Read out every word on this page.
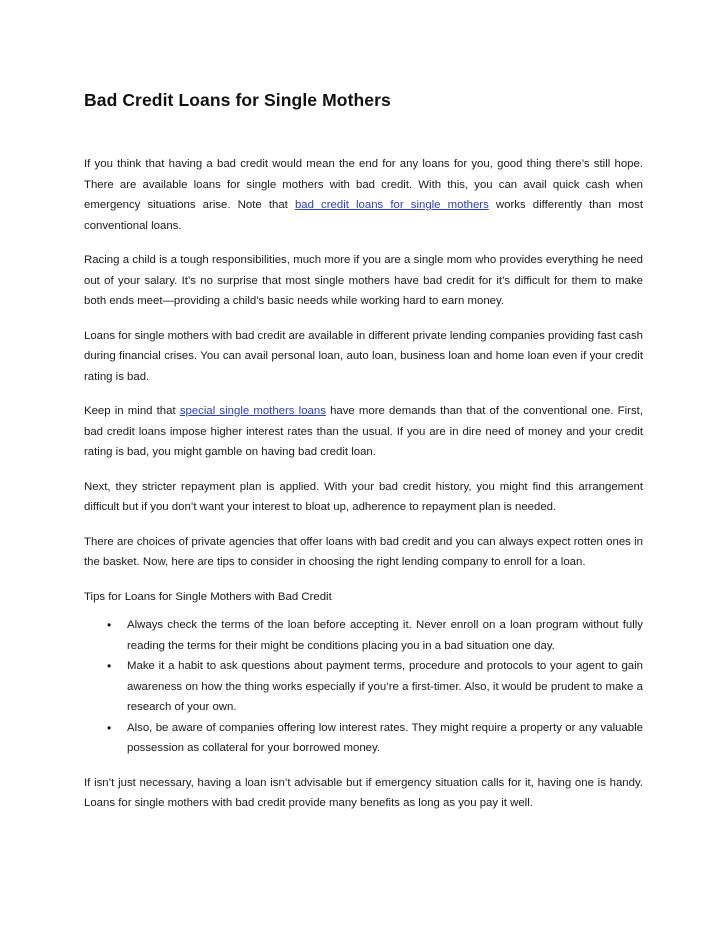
Bad Credit Loans for Single Mothers

If you think that having a bad credit would mean the end for any loans for you, good thing there’s still hope. There are available loans for single mothers with bad credit. With this, you can avail quick cash when emergency situations arise. Note that bad credit loans for single mothers works differently than most conventional loans.

Racing a child is a tough responsibilities, much more if you are a single mom who provides everything he need out of your salary. It’s no surprise that most single mothers have bad credit for it’s difficult for them to make both ends meet—providing a child’s basic needs while working hard to earn money.

Loans for single mothers with bad credit are available in different private lending companies providing fast cash during financial crises. You can avail personal loan, auto loan, business loan and home loan even if your credit rating is bad.

Keep in mind that special single mothers loans have more demands than that of the conventional one. First, bad credit loans impose higher interest rates than the usual. If you are in dire need of money and your credit rating is bad, you might gamble on having bad credit loan.

Next, they stricter repayment plan is applied. With your bad credit history, you might find this arrangement difficult but if you don’t want your interest to bloat up, adherence to repayment plan is needed.

There are choices of private agencies that offer loans with bad credit and you can always expect rotten ones in the basket. Now, here are tips to consider in choosing the right lending company to enroll for a loan.

Tips for Loans for Single Mothers with Bad Credit

• Always check the terms of the loan before accepting it. Never enroll on a loan program without fully reading the terms for their might be conditions placing you in a bad situation one day.
• Make it a habit to ask questions about payment terms, procedure and protocols to your agent to gain awareness on how the thing works especially if you’re a first-timer. Also, it would be prudent to make a research of your own.
• Also, be aware of companies offering low interest rates. They might require a property or any valuable possession as collateral for your borrowed money.

If isn’t just necessary, having a loan isn’t advisable but if emergency situation calls for it, having one is handy. Loans for single mothers with bad credit provide many benefits as long as you pay it well.
